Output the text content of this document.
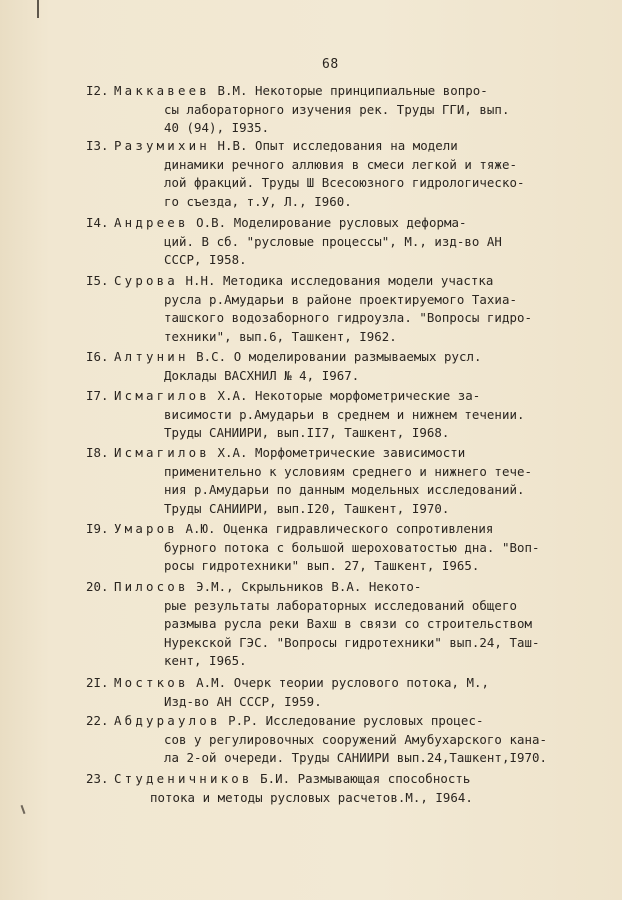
68
I2. Маккавеев В.М. Некоторые принципиальные вопро-
сы лабораторного изучения рек. Труды ГГИ, вып.
40 (94), I935.
I3. Разумихин Н.В. Опыт исследования на модели
динамики речного аллювия в смеси легкой и тяже-
лой фракций. Труды Ш Всесоюзного гидрологическо-
го съезда, т.У, Л., I960.
I4. Андреев О.В. Моделирование русловых деформа-
ций. В сб. "русловые процессы", М., изд-во АН
СССР, I958.
I5. Сурова Н.Н. Методика исследования модели участка
русла р.Амударьи в районе проектируемого Тахиа-
ташского водозаборного гидроузла. "Вопросы гидро-
техники", вып.6, Ташкент, I962.
I6. Алтунин В.С. О моделировании размываемых русл.
Доклады ВАСХНИЛ № 4, I967.
I7. Исмагилов Х.А. Некоторые морфометрические за-
висимости р.Амударьи в среднем и нижнем течении.
Труды САНИИРИ, вып.II7, Ташкент, I968.
I8. Исмагилов Х.А. Морфометрические зависимости
применительно к условиям среднего и нижнего тече-
ния р.Амударьи по данным модельных исследований.
Труды САНИИРИ, вып.I20, Ташкент, I970.
I9. Умаров А.Ю. Оценка гидравлического сопротивления
бурного потока с большой шероховатостью дна. "Воп-
росы гидротехники" вып. 27, Ташкент, I965.
20. Пилосов Э.М., Скрыльников В.А. Некото-
рые результаты лабораторных исследований общего
размыва русла реки Вахш в связи со строительством
Нурекской ГЭС. "Вопросы гидротехники" вып.24, Таш-
кент, I965.
2I. Мостков А.М. Очерк теории руслового потока, М.,
Изд-во АН СССР, I959.
22. Абдураулов Р.Р. Исследование русловых процес-
сов у регулировочных сооружений Амубухарского кана-
ла 2-ой очереди. Труды САНИИРИ вып.24,Ташкент,I970.
23. Студеничников Б.И. Размывающая способность
потока и методы русловых расчетов.М., I964.
